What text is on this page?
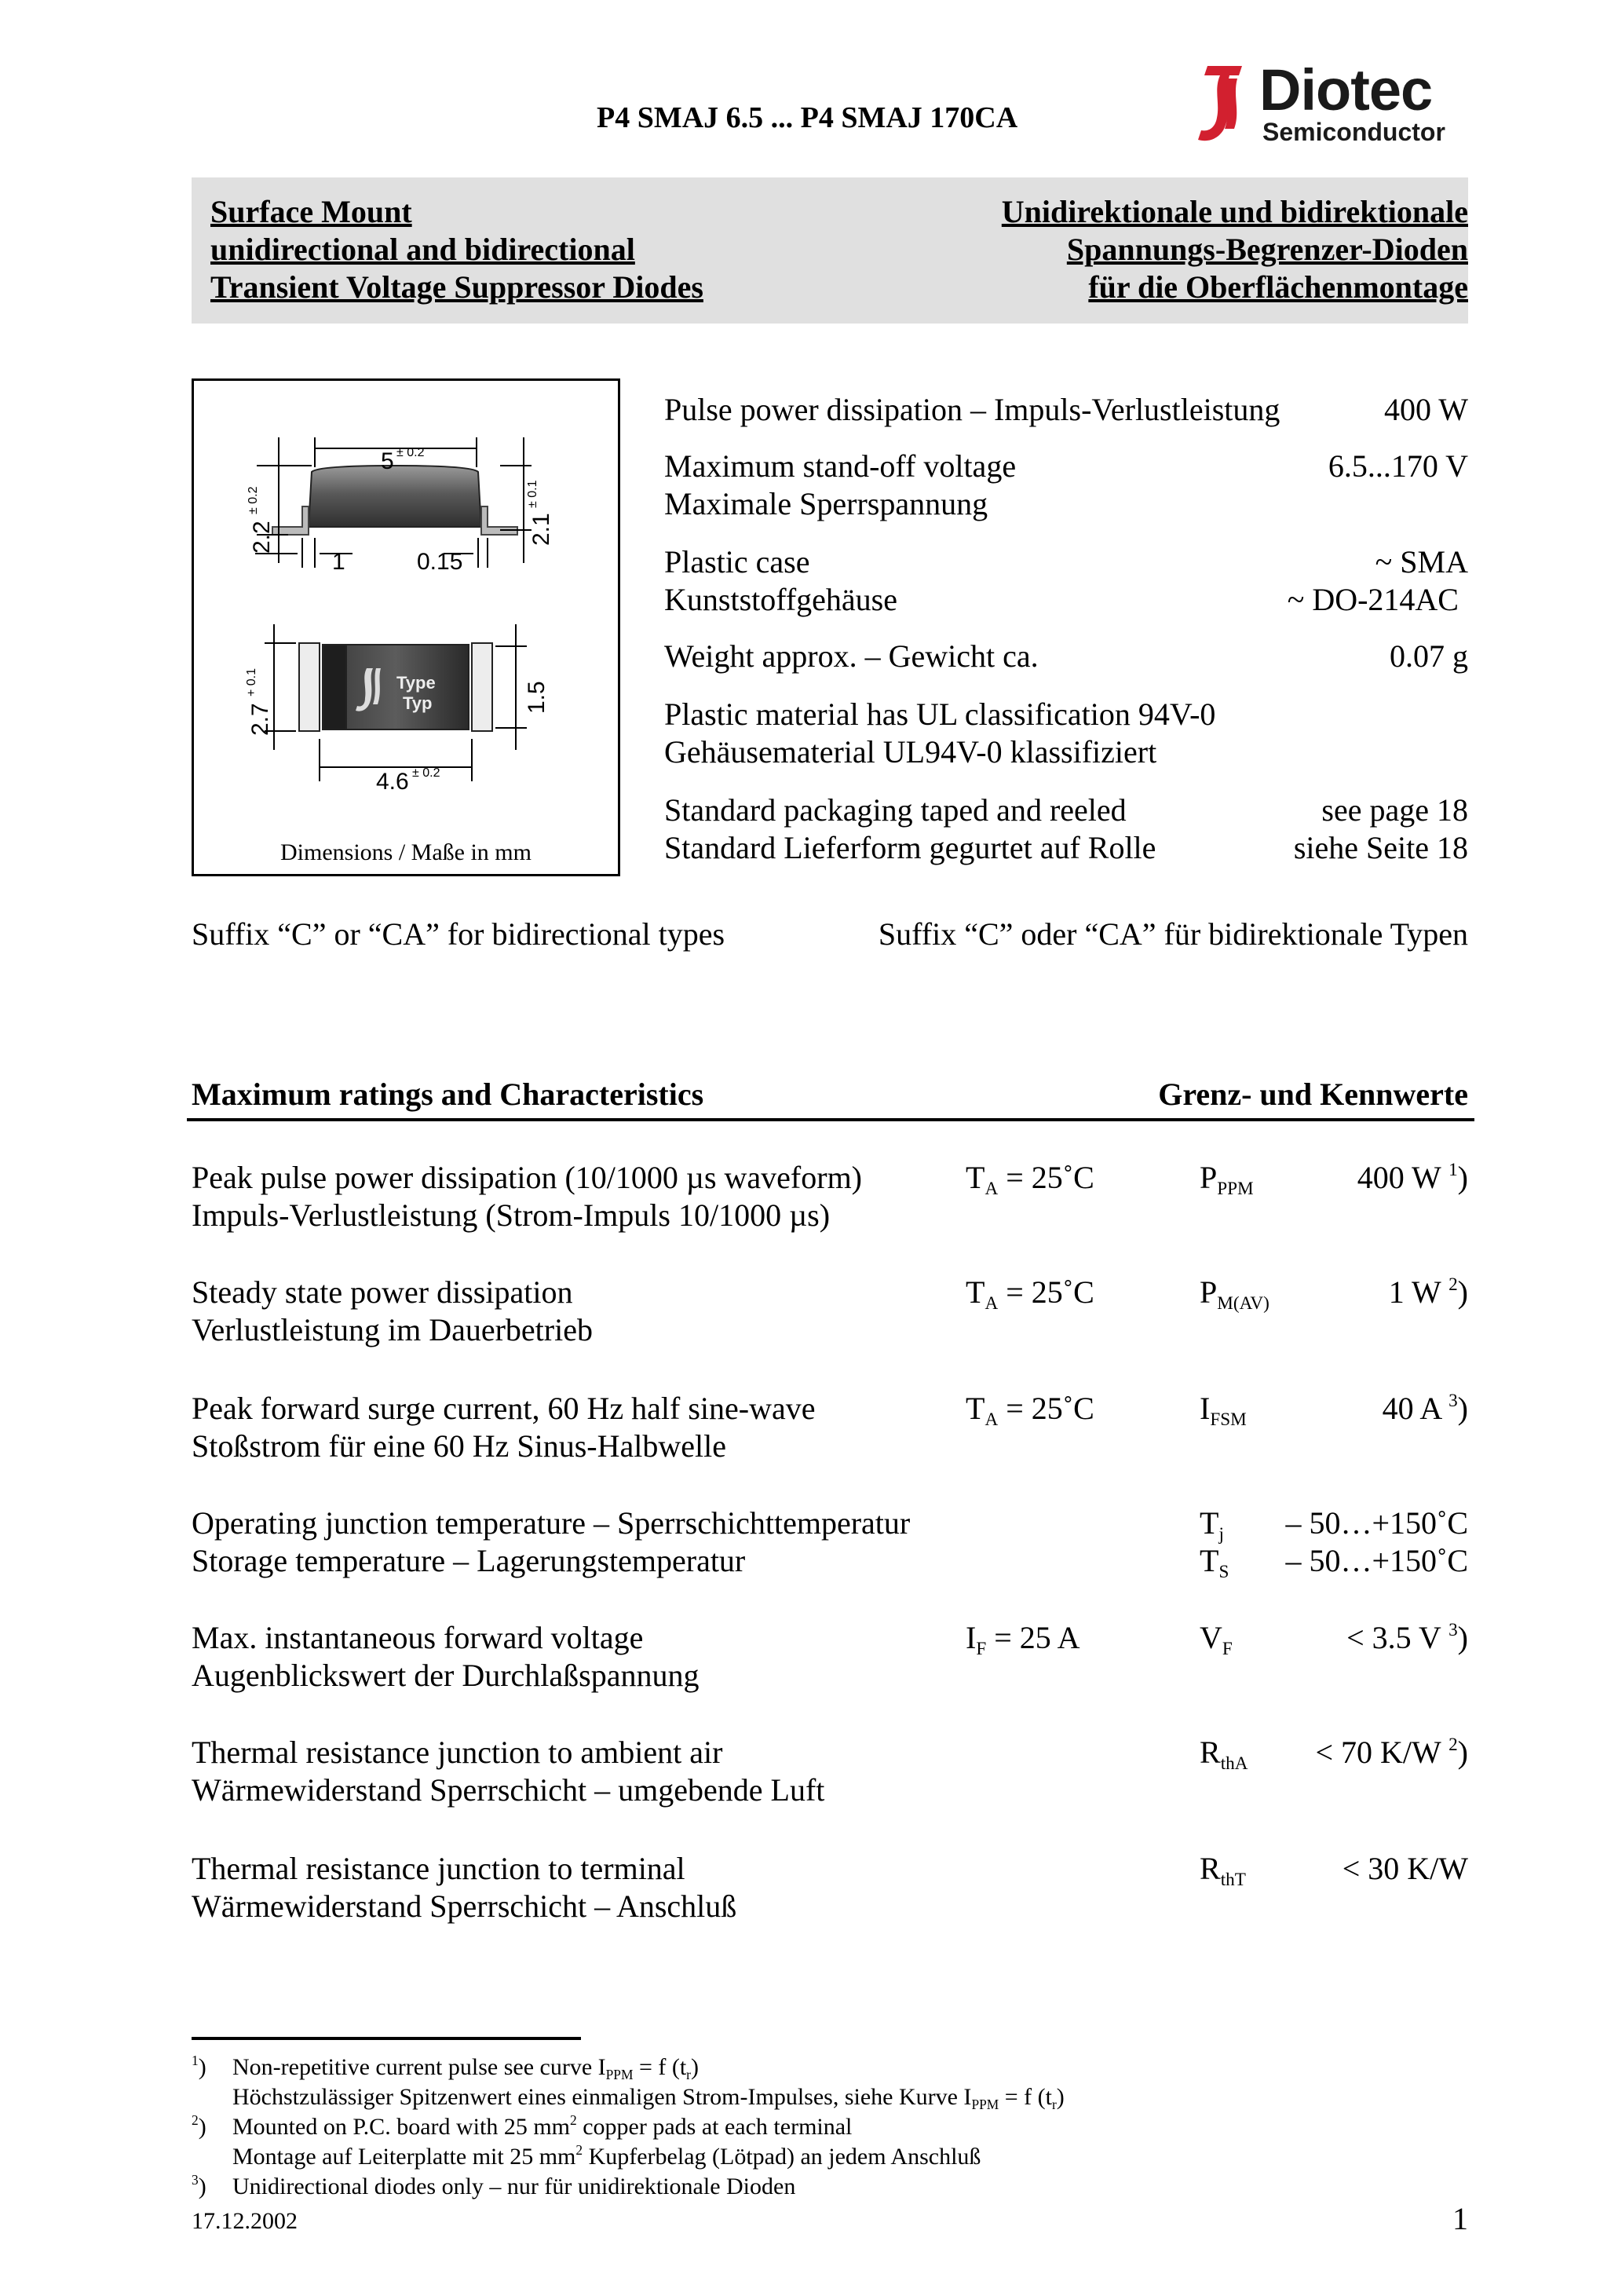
P4 SMAJ 6.5 ... P4 SMAJ 170CA	Diotec
Semiconductor
Surface Mount
unidirectional and bidirectional
Transient Voltage Suppressor Diodes
Unidirektionale und bidirektionale
Spannungs-Begrenzer-Dioden
für die Oberflächenmontage
5 ± 0.2
2.2
± 0.2
2.1
± 0.1
1	0.15
2.7
+ 0.1	1.5
4.6 ± 0.2
Type
Typ
Dimensions / Maße in mm
Pulse power dissipation – Impuls-Verlustleistung	400 W
Maximum stand-off voltage
Maximale Sperrspannung
6.5...170 V
Plastic case
Kunststoffgehäuse
~ SMA
~ DO-214AC
Weight approx. – Gewicht ca.	0.07 g
Plastic material has UL classification 94V-0
Gehäusematerial UL94V-0 klassifiziert
Standard packaging taped and reeled
Standard Lieferform gegurtet auf Rolle
see page 18
siehe Seite 18
Suffix “C” or “CA” for bidirectional types	Suffix “C” oder “CA” für bidirektionale Typen
Maximum ratings and Characteristics	Grenz- und Kennwerte
Peak pulse power dissipation (10/1000 µs waveform)
Impuls-Verlustleistung (Strom-Impuls 10/1000 µs)
$T_A$ = 25˚C	$P_{PPM}$	400 W $^1$)
Steady state power dissipation
Verlustleistung im Dauerbetrieb
$T_A$ = 25˚C	$P_{M(AV)}$	1 W $^2$)
Peak forward surge current, 60 Hz half sine-wave
Stoßstrom für eine 60 Hz Sinus-Halbwelle
$T_A$ = 25˚C	$I_{FSM}$	40 A $^3$)
Operating junction temperature – Sperrschichttemperatur
Storage temperature – Lagerungstemperatur
$T_j$	– 50…+150˚C
$T_S$	– 50…+150˚C
Max. instantaneous forward voltage
Augenblickswert der Durchlaßspannung
$I_F = 25$ A	$V_F$	< 3.5 V $^3$)
Thermal resistance junction to ambient air
Wärmewiderstand Sperrschicht – umgebende Luft
$R_{thA}$	< 70 K/W $^2$)
Thermal resistance junction to terminal
Wärmewiderstand Sperrschicht – Anschluß
$R_{thT}$	< 30 K/W
$^1$) Non-repetitive current pulse see curve $I_{PPM} = f$ $(t_r)$
Höchstzulässiger Spitzenwert eines einmaligen Strom-Impulses, siehe Kurve $I_{PPM} = f$ $(t_r)$
$^2$) Mounted on P.C. board with 25 $mm^2$ copper pads at each terminal
Montage auf Leiterplatte mit 25 $mm^2$ Kupferbelag (Lötpad) an jedem Anschluß
$^3$) Unidirectional diodes only – nur für unidirektionale Dioden
17.12.2002	1
